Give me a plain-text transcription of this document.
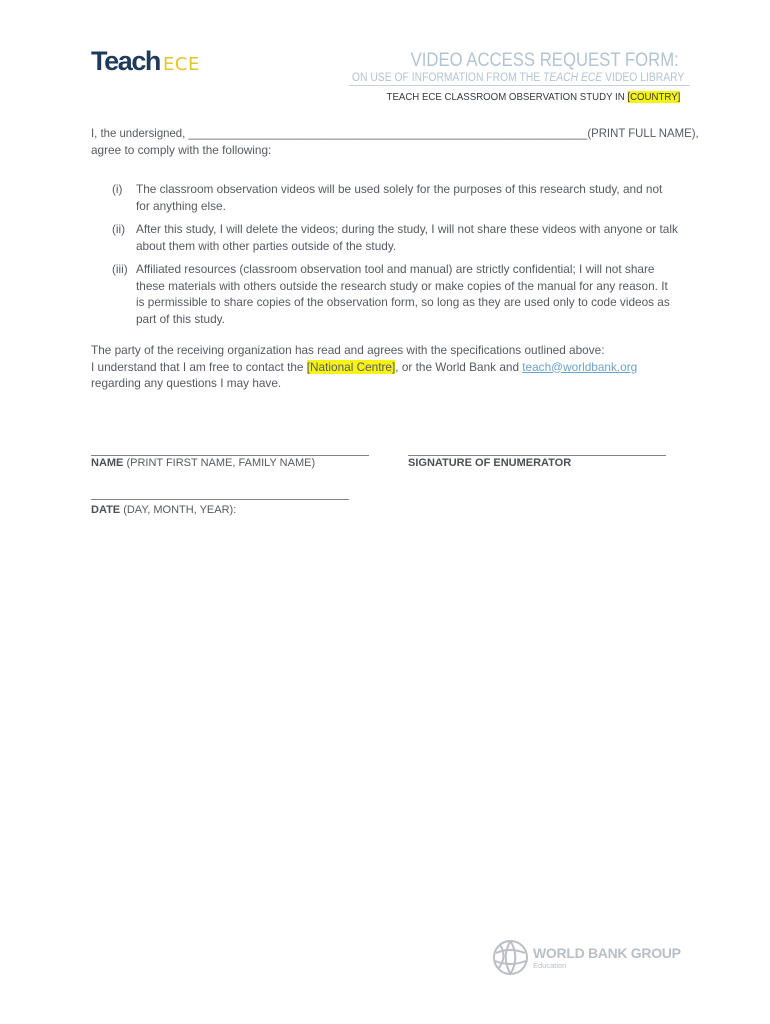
Teach ECE	VIDEO ACCESS REQUEST FORM:
ON USE OF INFORMATION FROM THE TEACH ECE VIDEO LIBRARY
TEACH ECE CLASSROOM OBSERVATION STUDY IN [COUNTRY]
I, the undersigned, _______________________________________________________________(PRINT FULL NAME),
agree to comply with the following:
(i) The classroom observation videos will be used solely for the purposes of this research study, and not for anything else.
(ii) After this study, I will delete the videos; during the study, I will not share these videos with anyone or talk about them with other parties outside of the study.
(iii) Affiliated resources (classroom observation tool and manual) are strictly confidential; I will not share these materials with others outside the research study or make copies of the manual for any reason. It is permissible to share copies of the observation form, so long as they are used only to code videos as part of this study.
The party of the receiving organization has read and agrees with the specifications outlined above:
I understand that I am free to contact the [National Centre], or the World Bank and teach@worldbank.org
regarding any questions I may have.
NAME (PRINT FIRST NAME, FAMILY NAME)	SIGNATURE OF ENUMERATOR
DATE (DAY, MONTH, YEAR):
WORLD BANK GROUP
Education
